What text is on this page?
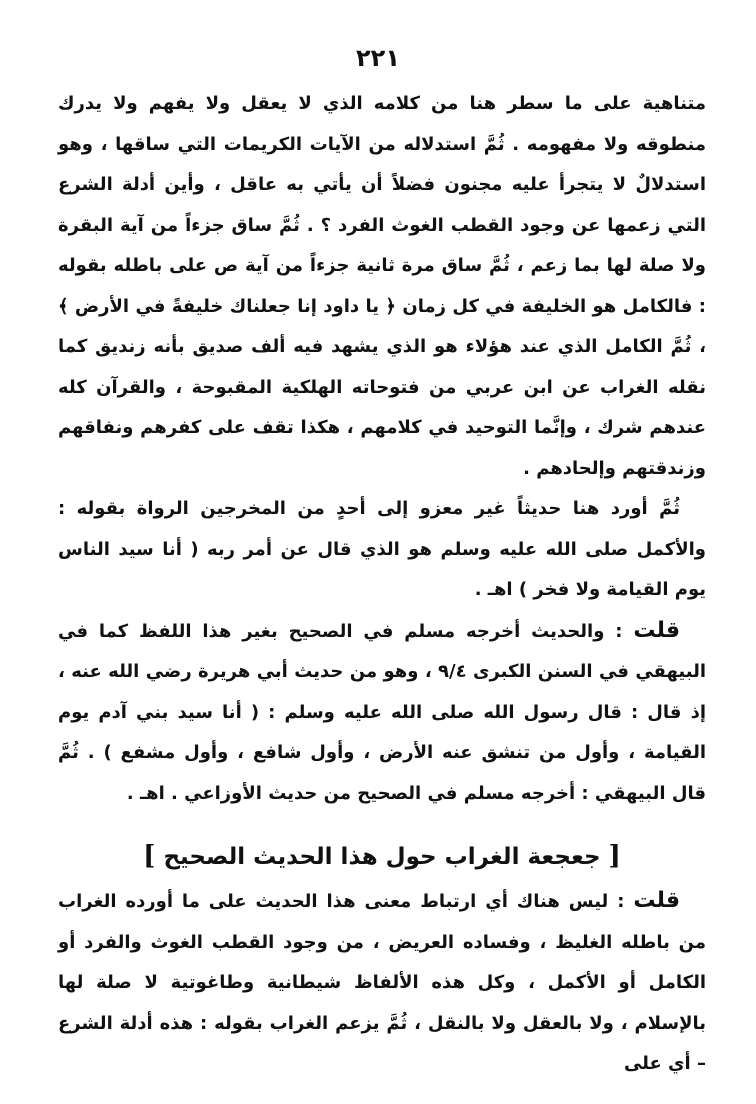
٢٢١

متناهية على ما سطر هنا من كلامه الذي لا يعقل ولا يفهم ولا يدرك منطوقه ولا مفهومه . ثُمَّ استدلاله من الآيات الكريمات التي ساقها ، وهو استدلالٌ لا يتجرأ عليه مجنون فضلاً أن يأتي به عاقل ، وأين أدلة الشرع التي زعمها عن وجود القطب الغوث الفرد ؟ . ثُمَّ ساق جزءاً من آية البقرة ولا صلة لها بما زعم ، ثُمَّ ساق مرة ثانية جزءاً من آية ص على باطله بقوله : فالكامل هو الخليفة في كل زمان ﴿ يا داود إنا جعلناك خليفةً في الأرض ﴾ ، ثُمَّ الكامل الذي عند هؤلاء هو الذي يشهد فيه ألف صديق بأنه زنديق كما نقله الغراب عن ابن عربي من فتوحاته الهلكية المقبوحة ، والقرآن كله عندهم شرك ، وإنَّما التوحيد في كلامهم ، هكذا تقف على كفرهم ونفاقهم وزندقتهم وإلحادهم .

ثُمَّ أورد هنا حديثاً غير معزو إلى أحدٍ من المخرجين الرواة بقوله : والأكمل صلى الله عليه وسلم هو الذي قال عن أمر ربه ( أنا سيد الناس يوم القيامة ولا فخر ) اهـ .

قلت : والحديث أخرجه مسلم في الصحيح بغير هذا اللفظ كما في البيهقي في السنن الكبرى ٩/٤ ، وهو من حديث أبي هريرة رضي الله عنه ، إذ قال : قال رسول الله صلى الله عليه وسلم : ( أنا سيد بني آدم يوم القيامة ، وأول من تنشق عنه الأرض ، وأول شافع ، وأول مشفع ) . ثُمَّ قال البيهقي : أخرجه مسلم في الصحيح من حديث الأوزاعي . اهـ .

[جعجعة الغراب حول هذا الحديث الصحيح]

قلت : ليس هناك أي ارتباط معنى هذا الحديث على ما أورده الغراب من باطله الغليظ ، وفساده العريض ، من وجود القطب الغوث والفرد أو الكامل أو الأكمل ، وكل هذه الألفاظ شيطانية وطاغوتية لا صلة لها بالإسلام ، ولا بالعقل ولا بالنقل ، ثُمَّ يزعم الغراب بقوله : هذه أدلة الشرع – أي على
